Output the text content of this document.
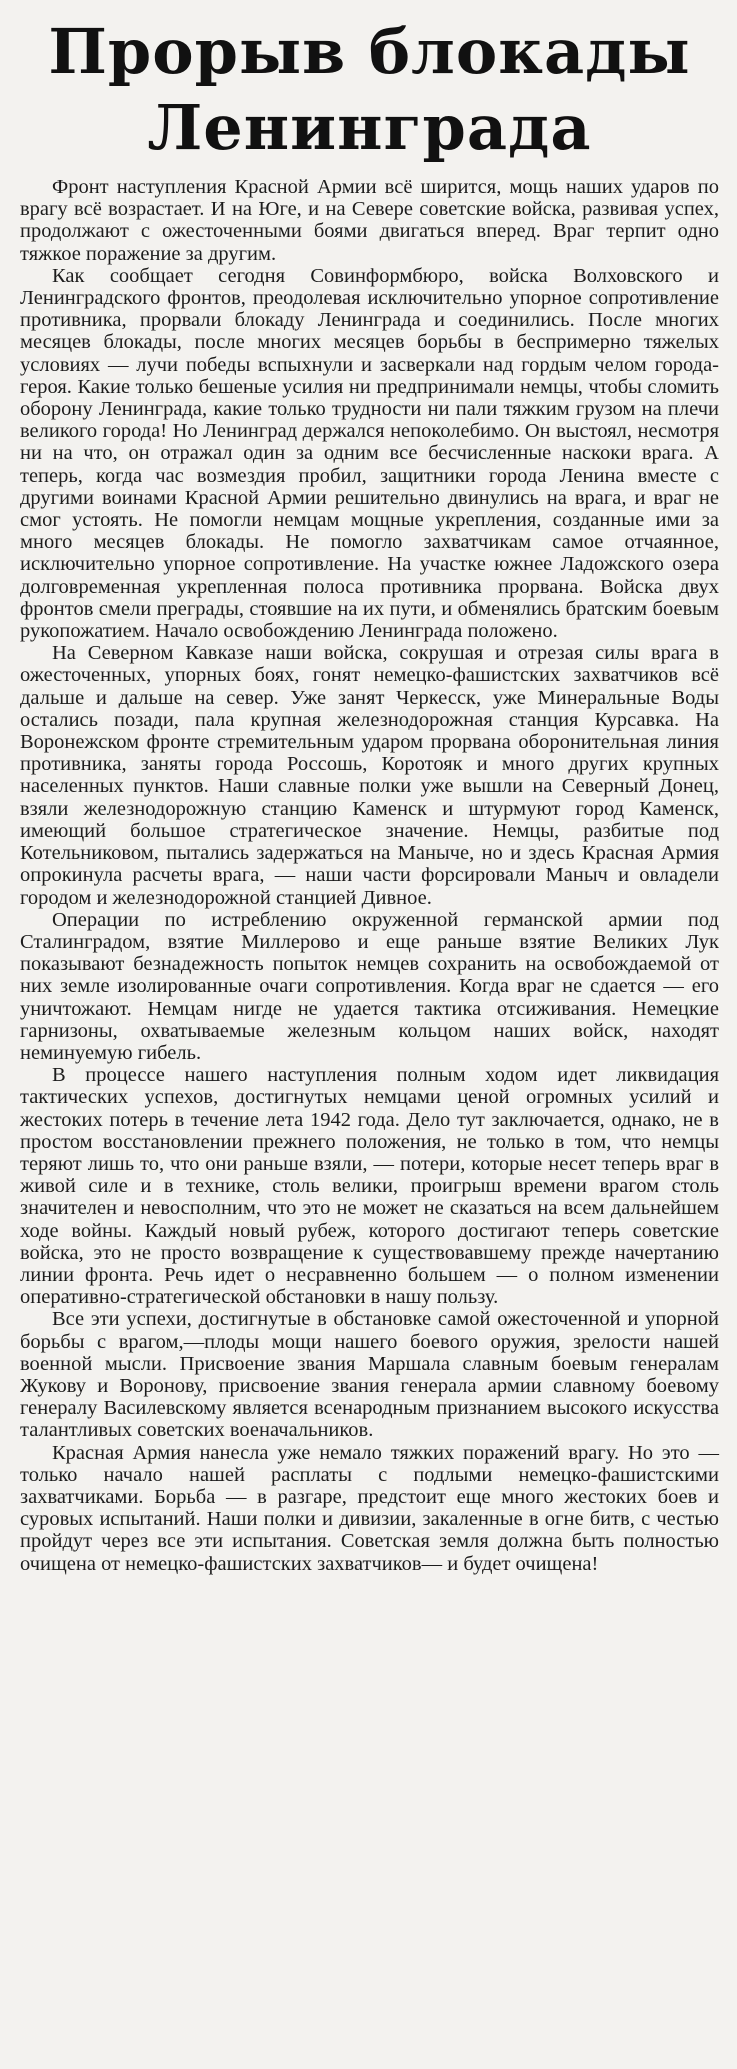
Прорыв блокады
Ленинграда

Фронт наступления Красной Армии всё ширится, мощь наших ударов по врагу всё возрастает. И на Юге, и на Севере советские войска, развивая успех, продолжают с ожесточенными боями двигаться вперед. Враг терпит одно тяжкое поражение за другим.

Как сообщает сегодня Совинформбюро, войска Волховского и Ленинградского фронтов, преодолевая исключительно упорное сопротивление противника, прорвали блокаду Ленинграда и соединились. После многих месяцев блокады, после многих месяцев борьбы в беспримерно тяжелых условиях — лучи победы вспыхнули и засверкали над гордым челом города-героя. Какие только бешеные усилия ни предпринимали немцы, чтобы сломить оборону Ленинграда, какие только трудности ни пали тяжким грузом на плечи великого города! Но Ленинград держался непоколебимо. Он выстоял, несмотря ни на что, он отражал один за одним все бесчисленные наскоки врага. А теперь, когда час возмездия пробил, защитники города Ленина вместе с другими воинами Красной Армии решительно двинулись на врага, и враг не смог устоять. Не помогли немцам мощные укрепления, созданные ими за много месяцев блокады. Не помогло захватчикам самое отчаянное, исключительно упорное сопротивление. На участке южнее Ладожского озера долговременная укрепленная полоса противника прорвана. Войска двух фронтов смели преграды, стоявшие на их пути, и обменялись братским боевым рукопожатием. Начало освобождению Ленинграда положено.

На Северном Кавказе наши войска, сокрушая и отрезая силы врага в ожесточенных, упорных боях, гонят немецко-фашистских захватчиков всё дальше и дальше на север. Уже занят Черкесск, уже Минеральные Воды остались позади, пала крупная железнодорожная станция Курсавка. На Воронежском фронте стремительным ударом прорвана оборонительная линия противника, заняты города Россошь, Коротояк и много других крупных населенных пунктов. Наши славные полки уже вышли на Северный Донец, взяли железнодорожную станцию Каменск и штурмуют город Каменск, имеющий большое стратегическое значение. Немцы, разбитые под Котельниковом, пытались задержаться на Маныче, но и здесь Красная Армия опрокинула расчеты врага, — наши части форсировали Маныч и овладели городом и железнодорожной станцией Дивное.

Операции по истреблению окруженной германской армии под Сталинградом, взятие Миллерово и еще раньше взятие Великих Лук показывают безнадежность попыток немцев сохранить на освобождаемой от них земле изолированные очаги сопротивления. Когда враг не сдается — его уничтожают. Немцам нигде не удается тактика отсиживания. Немецкие гарнизоны, охватываемые железным кольцом наших войск, находят неминуемую гибель.

В процессе нашего наступления полным ходом идет ликвидация тактических успехов, достигнутых немцами ценой огромных усилий и жестоких потерь в течение лета 1942 года. Дело тут заключается, однако, не в простом восстановлении прежнего положения, не только в том, что немцы теряют лишь то, что они раньше взяли, — потери, которые несет теперь враг в живой силе и в технике, столь велики, проигрыш времени врагом столь значителен и невосполним, что это не может не сказаться на всем дальнейшем ходе войны. Каждый новый рубеж, которого достигают теперь советские войска, это не просто возвращение к существовавшему прежде начертанию линии фронта. Речь идет о несравненно большем — о полном изменении оперативно-стратегической обстановки в нашу пользу.

Все эти успехи, достигнутые в обстановке самой ожесточенной и упорной борьбы с врагом,—плоды мощи нашего боевого оружия, зрелости нашей военной мысли. Присвоение звания Маршала славным боевым генералам Жукову и Воронову, присвоение звания генерала армии славному боевому генералу Василевскому является всенародным признанием высокого искусства талантливых советских военачальников.

Красная Армия нанесла уже немало тяжких поражений врагу. Но это — только начало нашей расплаты с подлыми немецко-фашистскими захватчиками. Борьба — в разгаре, предстоит еще много жестоких боев и суровых испытаний. Наши полки и дивизии, закаленные в огне битв, с честью пройдут через все эти испытания. Советская земля должна быть полностью очищена от немецко-фашистских захватчиков— и будет очищена!
